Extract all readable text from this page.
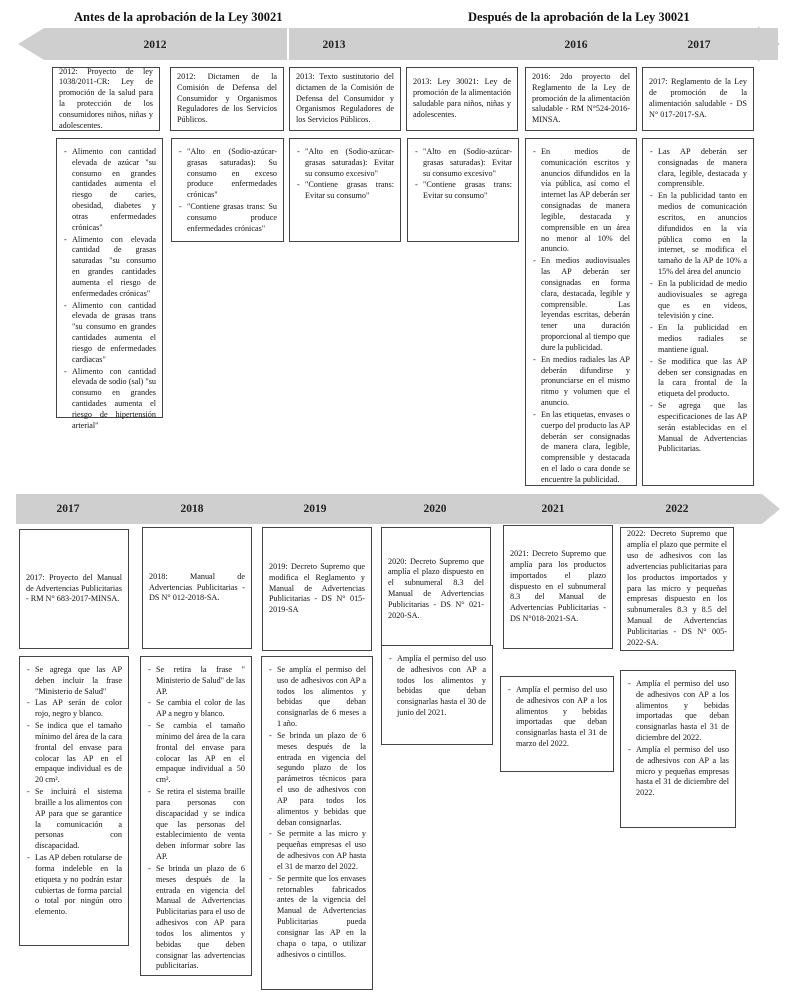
Antes de la aprobación de la Ley 30021	Después de la aprobación de la Ley 30021
2012	2013	2016	2017
2012: Proyecto de ley 1038/2011-CR: Ley de promoción de la salud para la protección de los consumidores niños, niñas y adolescentes.
2012: Dictamen de la Comisión de Defensa del Consumidor y Organismos Reguladores de los Servicios Públicos.
2013: Texto sustitutorio del dictamen de la Comisión de Defensa del Consumidor y Organismos Reguladores de los Servicios Públicos.
2013: Ley 30021: Ley de promoción de la alimentación saludable para niños, niñas y adolescentes.
2016: 2do proyecto del Reglamento de la Ley de promoción de la alimentación saludable - RM N°524-2016-MINSA.
2017: Reglamento de la Ley de promoción de la alimentación saludable - DS N° 017-2017-SA.
- Alimento con cantidad elevada de azúcar "su consumo en grandes cantidades aumenta el riesgo de caries, obesidad, diabetes y otras enfermedades crónicas"
- Alimento con elevada cantidad de grasas saturadas "su consumo en grandes cantidades aumenta el riesgo de enfermedades crónicas"
- Alimento con cantidad elevada de grasas trans "su consumo en grandes cantidades aumenta el riesgo de enfermedades cardiacas"
- Alimento con cantidad elevada de sodio (sal) "su consumo en grandes cantidades aumenta el riesgo de hipertensión arterial"
- "Alto en (Sodio-azúcar-grasas saturadas): Su consumo en exceso produce enfermedades crónicas"
- "Contiene grasas trans: Su consumo produce enfermedades crónicas"
- "Alto en (Sodio-azúcar-grasas saturadas): Evitar su consumo excesivo"
- "Contiene grasas trans: Evitar su consumo"
- "Alto en (Sodio-azúcar-grasas saturadas): Evitar su consumo excesivo"
- "Contiene grasas trans: Evitar su consumo"
- En medios de comunicación escritos y anuncios difundidos en la vía pública, así como el internet las AP deberán ser consignadas de manera legible, destacada y comprensible en un área no menor al 10% del anuncio.
- En medios audiovisuales las AP deberán ser consignadas en forma clara, destacada, legible y comprensible. Las leyendas escritas, deberán tener una duración proporcional al tiempo que dure la publicidad.
- En medios radiales las AP deberán difundirse y pronunciarse en el mismo ritmo y volumen que el anuncio.
- En las etiquetas, envases o cuerpo del producto las AP deberán ser consignadas de manera clara, legible, comprensible y destacada en el lado o cara donde se encuentre la publicidad.
- Las AP deberán ser consignadas de manera clara, legible, destacada y comprensible.
- En la publicidad tanto en medios de comunicación escritos, en anuncios difundidos en la vía pública como en la internet, se modifica el tamaño de la AP de 10% a 15% del área del anuncio
- En la publicidad de medio audiovisuales se agrega que es en videos, televisión y cine.
- En la publicidad en medios radiales se mantiene igual.
- Se modifica que las AP deben ser consignadas en la cara frontal de la etiqueta del producto.
- Se agrega que las especificaciones de las AP serán establecidas en el Manual de Advertencias Publicitarias.
2017	2018	2019	2020	2021	2022
2017: Proyecto del Manual de Advertencias Publicitarias - RM N° 683-2017-MINSA.
2018: Manual de Advertencias Publicitarias - DS N° 012-2018-SA.
2019: Decreto Supremo que modifica el Reglamento y Manual de Advertencias Publicitarias - DS N° 015-2019-SA
2020: Decreto Supremo que amplía el plazo dispuesto en el subnumeral 8.3 del Manual de Advertencias Publicitarias - DS N° 021-2020-SA.
2021: Decreto Supremo que amplía para los productos importados el plazo dispuesto en el subnumeral 8.3 del Manual de Advertencias Publicitarias - DS N°018-2021-SA.
2022: Decreto Supremo que amplía el plazo que permite el uso de adhesivos con las advertencias publicitarias para los productos importados y para las micro y pequeñas empresas dispuesto en los subnumerales 8.3 y 8.5 del Manual de Advertencias Publicitarias - DS N° 005-2022-SA.
- Se agrega que las AP deben incluir la frase "Ministerio de Salud"
- Las AP serán de color rojo, negro y blanco.
- Se indica que el tamaño mínimo del área de la cara frontal del envase para colocar las AP en el empaque individual es de 20 cm².
- Se incluirá el sistema braille a los alimentos con AP para que se garantice la comunicación a personas con discapacidad.
- Las AP deben rotularse de forma indeleble en la etiqueta y no podrán estar cubiertas de forma parcial o total por ningún otro elemento.
- Se retira la frase " Ministerio de Salud" de las AP.
- Se cambia el color de las AP a negro y blanco.
- Se cambia el tamaño mínimo del área de la cara frontal del envase para colocar las AP en el empaque individual a 50 cm².
- Se retira el sistema braille para personas con discapacidad y se indica que las personas del establecimiento de venta deben informar sobre las AP.
- Se brinda un plazo de 6 meses después de la entrada en vigencia del Manual de Advertencias Publicitarias para el uso de adhesivos con AP para todos los alimentos y bebidas que deben consignar las advertencias publicitarias.
- Se amplía el permiso del uso de adhesivos con AP a todos los alimentos y bebidas que deban consignarlas de 6 meses a 1 año.
- Se brinda un plazo de 6 meses después de la entrada en vigencia del segundo plazo de los parámetros técnicos para el uso de adhesivos con AP para todos los alimentos y bebidas que deban consignarlas.
- Se permite a las micro y pequeñas empresas el uso de adhesivos con AP hasta el 31 de marzo del 2022.
- Se permite que los envases retornables fabricados antes de la vigencia del Manual de Advertencias Publicitarias pueda consignar las AP en la chapa o tapa, o utilizar adhesivos o cintillos.
- Amplía el permiso del uso de adhesivos con AP a todos los alimentos y bebidas que deban consignarlas hasta el 30 de junio del 2021.
- Amplía el permiso del uso de adhesivos con AP a los alimentos y bebidas importadas que deban consignarlas hasta el 31 de marzo del 2022.
- Amplía el permiso del uso de adhesivos con AP a los alimentos y bebidas importadas que deban consignarlas hasta el 31 de diciembre del 2022.
- Amplía el permiso del uso de adhesivos con AP a las micro y pequeñas empresas hasta el 31 de diciembre del 2022.
